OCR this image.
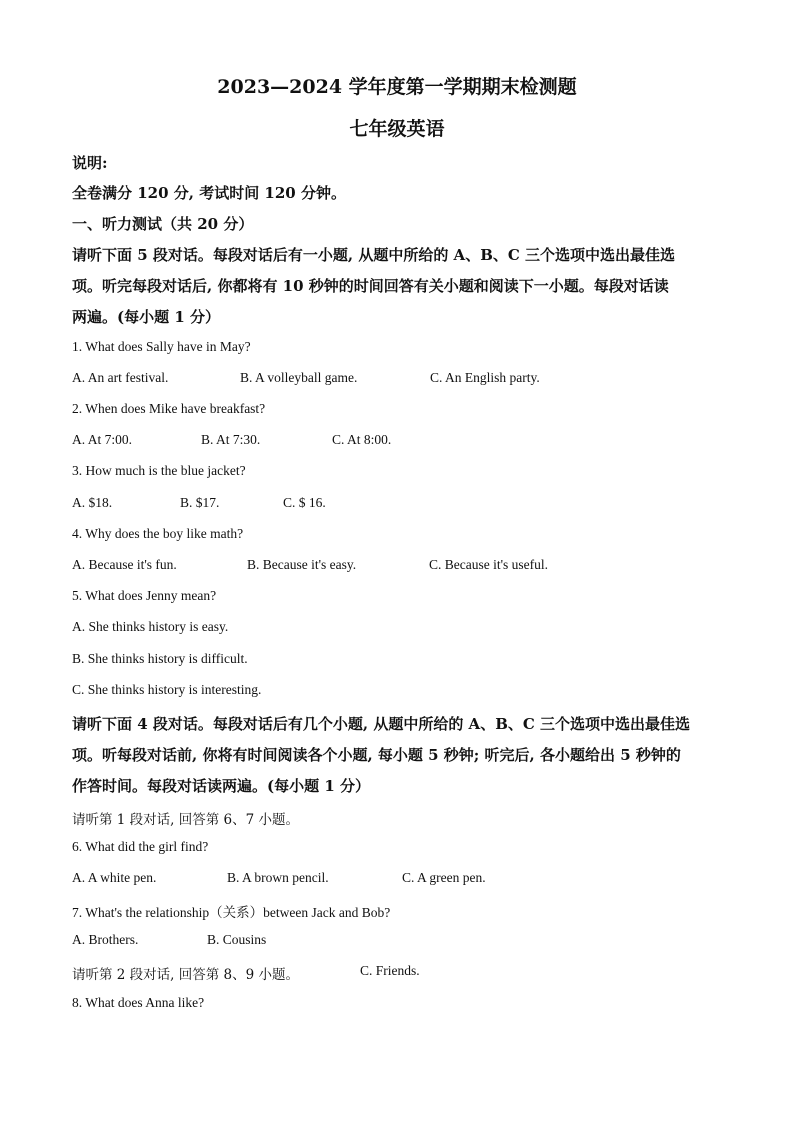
2023—2024 学年度第一学期期末检测题
七年级英语
说明:
全卷满分 120 分, 考试时间 120 分钟。
一、听力测试（共 20 分）
请听下面 5 段对话。每段对话后有一小题, 从题中所给的 A、B、C 三个选项中选出最佳选
项。听完每段对话后, 你都将有 10 秒钟的时间回答有关小题和阅读下一小题。每段对话读
两遍。(每小题 1 分）
1. What does Sally have in May?
A. An art festival.	B. A volleyball game.	C. An English party.
2. When does Mike have breakfast?
A. At 7:00.	B. At 7:30.	C. At 8:00.
3. How much is the blue jacket?
A. $18.	B. $17.	C. $ 16.
4. Why does the boy like math?
A. Because it's fun.	B. Because it's easy.	C. Because it's useful.
5. What does Jenny mean?
A. She thinks history is easy.
B. She thinks history is difficult.
C. She thinks history is interesting.
请听下面 4 段对话。每段对话后有几个小题, 从题中所给的 A、B、C 三个选项中选出最佳选
项。听每段对话前, 你将有时间阅读各个小题, 每小题 5 秒钟; 听完后, 各小题给出 5 秒钟的
作答时间。每段对话读两遍。(每小题 1 分）
请听第 1 段对话, 回答第 6、7 小题。
6. What did the girl find?
A. A white pen.	B. A brown pencil.	C. A green pen.
7. What's the relationship（关系）between Jack and Bob?
A. Brothers.	B. Cousins
请听第 2 段对话, 回答第 8、9 小题。	C. Friends.
8. What does Anna like?
